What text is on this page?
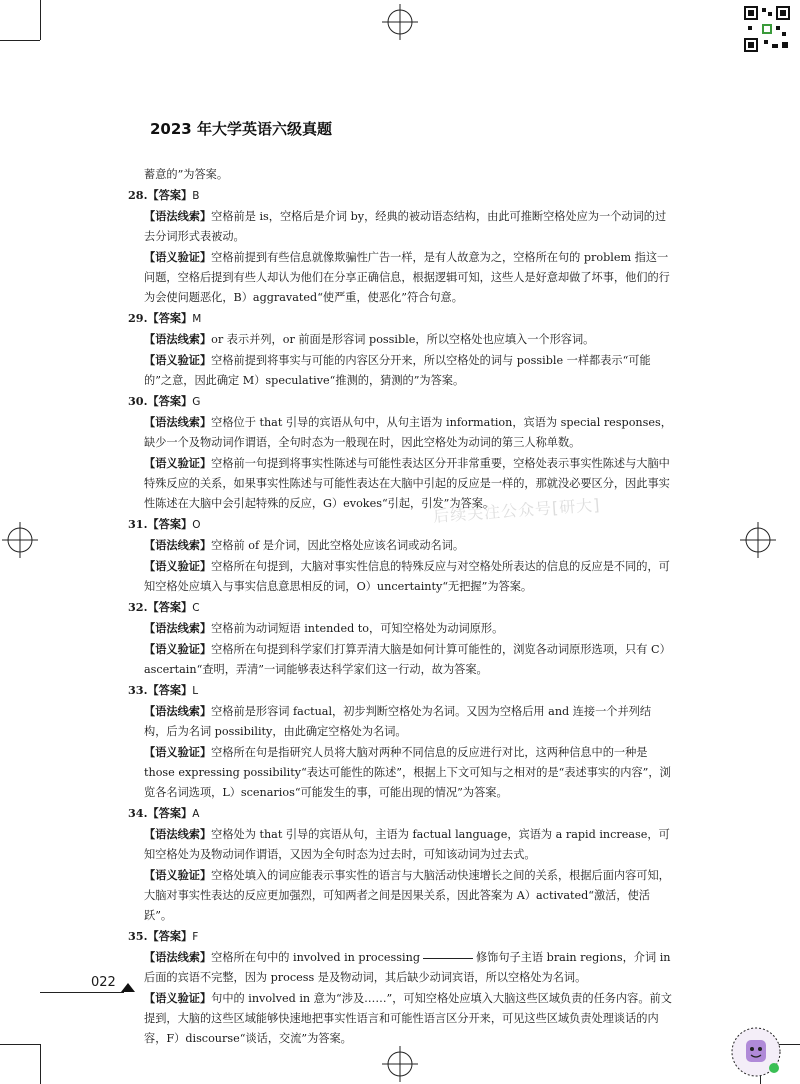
2023 年大学英语六级真题
后续关注公众号[研大]

蓄意的”为答案。

28.【答案】B

【语法线索】空格前是 is，空格后是介词 by，经典的被动语态结构，由此可推断空格处应为一个动词的过去分词形式表被动。

【语义验证】空格前提到有些信息就像欺骗性广告一样，是有人故意为之，空格所在句的 problem 指这一问题，空格后提到有些人却认为他们在分享正确信息，根据逻辑可知，这些人是好意却做了坏事，他们的行为会使问题恶化，B）aggravated“使严重，使恶化”符合句意。

29.【答案】M

【语法线索】or 表示并列，or 前面是形容词 possible，所以空格处也应填入一个形容词。

【语义验证】空格前提到将事实与可能的内容区分开来，所以空格处的词与 possible 一样都表示“可能的”之意，因此确定 M）speculative“推测的，猜测的”为答案。

30.【答案】G

【语法线索】空格位于 that 引导的宾语从句中，从句主语为 information，宾语为 special responses，缺少一个及物动词作谓语，全句时态为一般现在时，因此空格处为动词的第三人称单数。

【语义验证】空格前一句提到将事实性陈述与可能性表达区分开非常重要，空格处表示事实性陈述与大脑中特殊反应的关系，如果事实性陈述与可能性表达在大脑中引起的反应是一样的，那就没必要区分，因此事实性陈述在大脑中会引起特殊的反应，G）evokes“引起，引发”为答案。

31.【答案】O

【语法线索】空格前 of 是介词，因此空格处应该名词或动名词。

【语义验证】空格所在句提到，大脑对事实性信息的特殊反应与对空格处所表达的信息的反应是不同的，可知空格处应填入与事实信息意思相反的词，O）uncertainty“无把握”为答案。

32.【答案】C

【语法线索】空格前为动词短语 intended to，可知空格处为动词原形。

【语义验证】空格所在句提到科学家们打算弄清大脑是如何计算可能性的，浏览各动词原形选项，只有 C）ascertain“查明，弄清”一词能够表达科学家们这一行动，故为答案。

33.【答案】L

【语法线索】空格前是形容词 factual，初步判断空格处为名词。又因为空格后用 and 连接一个并列结构，后为名词 possibility，由此确定空格处为名词。

【语义验证】空格所在句是指研究人员将大脑对两种不同信息的反应进行对比，这两种信息中的一种是 those expressing possibility“表达可能性的陈述”，根据上下文可知与之相对的是“表述事实的内容”，浏览各名词选项，L）scenarios“可能发生的事，可能出现的情况”为答案。

34.【答案】A

【语法线索】空格处为 that 引导的宾语从句，主语为 factual language，宾语为 a rapid increase，可知空格处为及物动词作谓语，又因为全句时态为过去时，可知该动词为过去式。

【语义验证】空格处填入的词应能表示事实性的语言与大脑活动快速增长之间的关系，根据后面内容可知，大脑对事实性表达的反应更加强烈，可知两者之间是因果关系，因此答案为 A）activated“激活，使活跃”。

35.【答案】F

【语法线索】空格所在句中的 involved in processing	修饰句子主语 brain regions，介词 in 后面的宾语不完整，因为 process 是及物动词，其后缺少动词宾语，所以空格处为名词。

【语义验证】句中的 involved in 意为“涉及……”，可知空格处应填入大脑这些区域负责的任务内容。前文提到，大脑的这些区域能够快速地把事实性语言和可能性语言区分开来，可见这些区域负责处理谈话的内容，F）discourse“谈话，交流”为答案。

022
